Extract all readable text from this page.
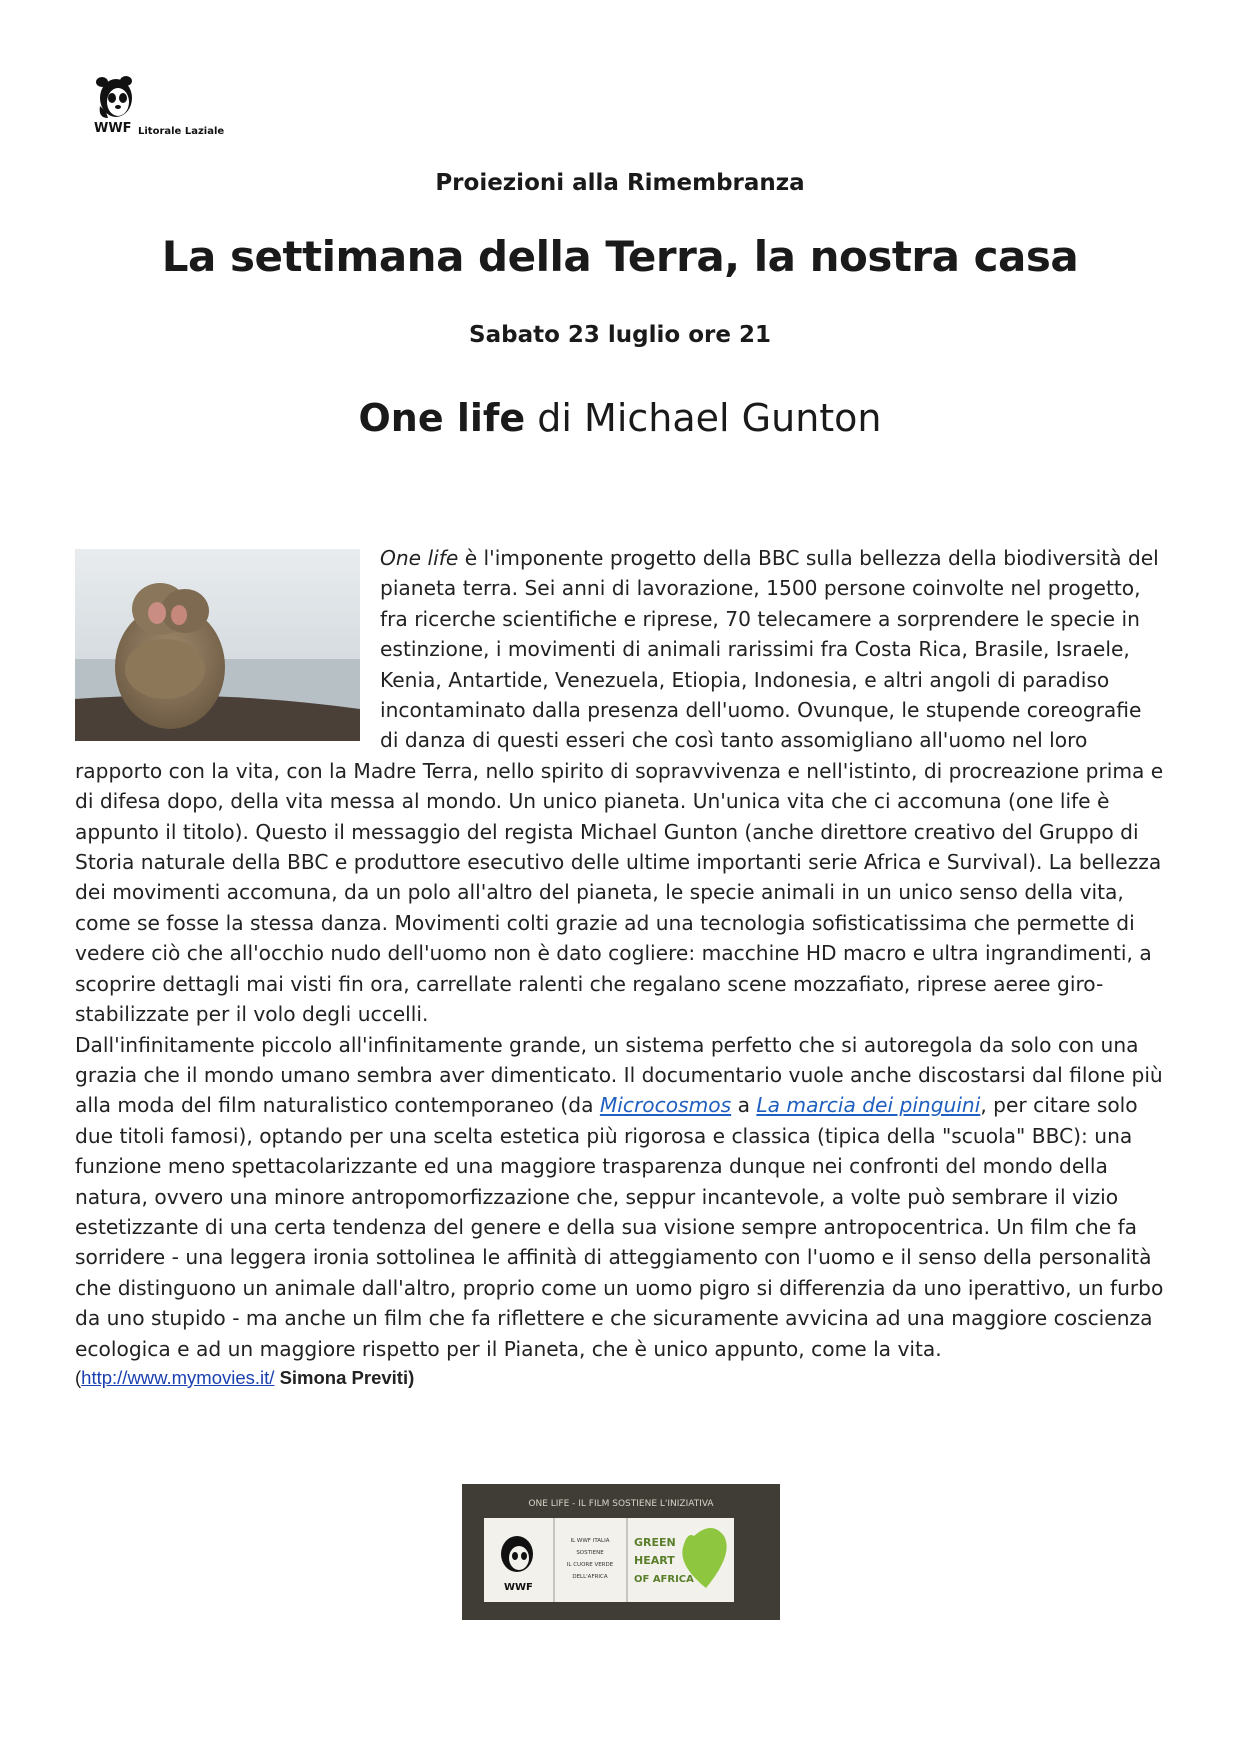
WWF Litorale Laziale
Proiezioni alla Rimembranza
La settimana della Terra, la nostra casa
Sabato 23 luglio ore 21
One life di Michael Gunton

One life è l'imponente progetto della BBC sulla bellezza della biodiversità del pianeta terra. Sei anni di lavorazione, 1500 persone coinvolte nel progetto, fra ricerche scientifiche e riprese, 70 telecamere a sorprendere le specie in estinzione, i movimenti di animali rarissimi fra Costa Rica, Brasile, Israele, Kenia, Antartide, Venezuela, Etiopia, Indonesia, e altri angoli di paradiso incontaminato dalla presenza dell'uomo. Ovunque, le stupende coreografie di danza di questi esseri che così tanto assomigliano all'uomo nel loro rapporto con la vita, con la Madre Terra, nello spirito di sopravvivenza e nell'istinto, di procreazione prima e di difesa dopo, della vita messa al mondo. Un unico pianeta. Un'unica vita che ci accomuna (one life è appunto il titolo). Questo il messaggio del regista Michael Gunton (anche direttore creativo del Gruppo di Storia naturale della BBC e produttore esecutivo delle ultime importanti serie Africa e Survival). La bellezza dei movimenti accomuna, da un polo all'altro del pianeta, le specie animali in un unico senso della vita, come se fosse la stessa danza. Movimenti colti grazie ad una tecnologia sofisticatissima che permette di vedere ciò che all'occhio nudo dell'uomo non è dato cogliere: macchine HD macro e ultra ingrandimenti, a scoprire dettagli mai visti fin ora, carrellate ralenti che regalano scene mozzafiato, riprese aeree giro-stabilizzate per il volo degli uccelli.

Dall'infinitamente piccolo all'infinitamente grande, un sistema perfetto che si autoregola da solo con una grazia che il mondo umano sembra aver dimenticato. Il documentario vuole anche discostarsi dal filone più alla moda del film naturalistico contemporaneo (da Microcosmos a La marcia dei pinguini, per citare solo due titoli famosi), optando per una scelta estetica più rigorosa e classica (tipica della "scuola" BBC): una funzione meno spettacolarizzante ed una maggiore trasparenza dunque nei confronti del mondo della natura, ovvero una minore antropomorfizzazione che, seppur incantevole, a volte può sembrare il vizio estetizzante di una certa tendenza del genere e della sua visione sempre antropocentrica. Un film che fa sorridere - una leggera ironia sottolinea le affinità di atteggiamento con l'uomo e il senso della personalità che distinguono un animale dall'altro, proprio come un uomo pigro si differenzia da uno iperattivo, un furbo da uno stupido - ma anche un film che fa riflettere e che sicuramente avvicina ad una maggiore coscienza ecologica e ad un maggiore rispetto per il Pianeta, che è unico appunto, come la vita.

(http://www.mymovies.it/ Simona Previti)

ONE LIFE - IL FILM SOSTIENE L'INIZIATIVA
WWF
IL WWF ITALIA
SOSTIENE
IL CUORE VERDE
DELL'AFRICA
GREEN
HEART
OF AFRICA
